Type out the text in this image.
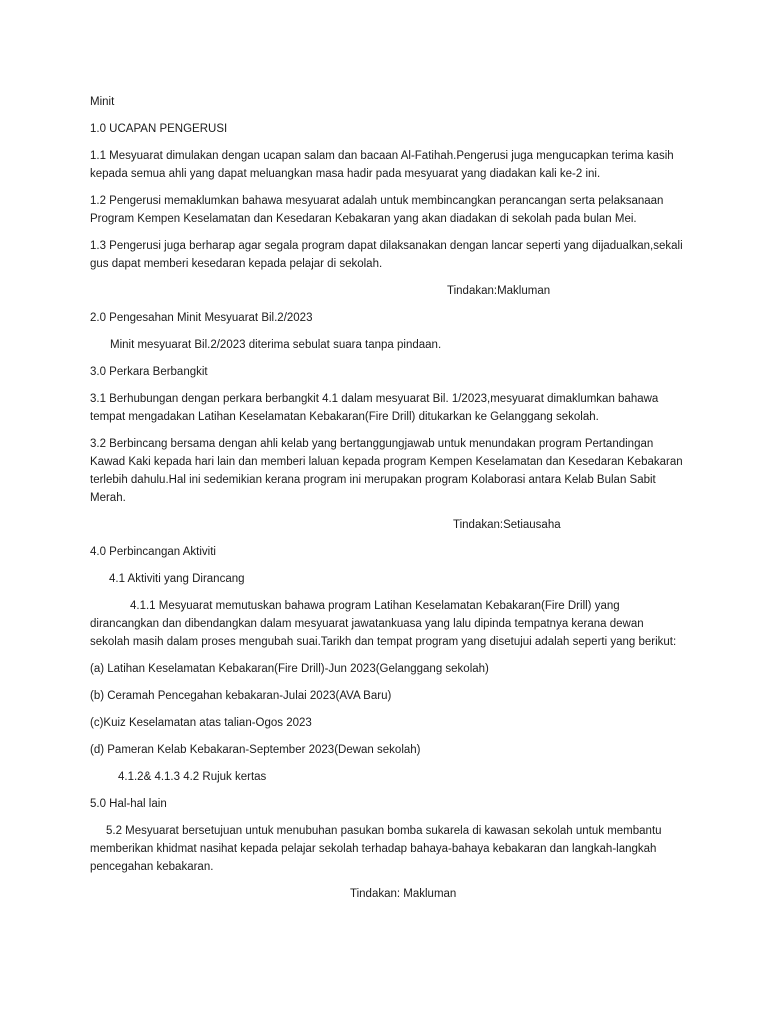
Minit

1.0 UCAPAN PENGERUSI

1.1 Mesyuarat dimulakan dengan ucapan salam dan bacaan Al-Fatihah.Pengerusi juga mengucapkan terima kasih
kepada semua ahli yang dapat meluangkan masa hadir pada mesyuarat yang diadakan kali ke-2 ini.

1.2 Pengerusi memaklumkan bahawa mesyuarat adalah untuk membincangkan perancangan serta pelaksanaan
Program Kempen Keselamatan dan Kesedaran Kebakaran yang akan diadakan di sekolah pada bulan Mei.

1.3 Pengerusi juga berharap agar segala program dapat dilaksanakan dengan lancar seperti yang dijadualkan,sekali
gus dapat memberi kesedaran kepada pelajar di sekolah.

Tindakan:Makluman

2.0 Pengesahan Minit Mesyuarat Bil.2/2023

Minit mesyuarat Bil.2/2023 diterima sebulat suara tanpa pindaan.

3.0 Perkara Berbangkit

3.1 Berhubungan dengan perkara berbangkit 4.1 dalam mesyuarat Bil. 1/2023,mesyuarat dimaklumkan bahawa
tempat mengadakan Latihan Keselamatan Kebakaran(Fire Drill) ditukarkan ke Gelanggang sekolah.

3.2 Berbincang bersama dengan ahli kelab yang bertanggungjawab untuk menundakan program Pertandingan
Kawad Kaki kepada hari lain dan memberi laluan kepada program Kempen Keselamatan dan Kesedaran Kebakaran
terlebih dahulu.Hal ini sedemikian kerana program ini merupakan program Kolaborasi antara Kelab Bulan Sabit
Merah.

Tindakan:Setiausaha

4.0 Perbincangan Aktiviti

4.1 Aktiviti yang Dirancang

4.1.1 Mesyuarat memutuskan bahawa program Latihan Keselamatan Kebakaran(Fire Drill) yang
dirancangkan dan dibendangkan dalam mesyuarat jawatankuasa yang lalu dipinda tempatnya kerana dewan
sekolah masih dalam proses mengubah suai.Tarikh dan tempat program yang disetujui adalah seperti yang berikut:

(a) Latihan Keselamatan Kebakaran(Fire Drill)-Jun 2023(Gelanggang sekolah)

(b) Ceramah Pencegahan kebakaran-Julai 2023(AVA Baru)

(c)Kuiz Keselamatan atas talian-Ogos 2023

(d) Pameran Kelab Kebakaran-September 2023(Dewan sekolah)

4.1.2& 4.1.3 4.2 Rujuk kertas

5.0 Hal-hal lain

5.2 Mesyuarat bersetujuan untuk menubuhan pasukan bomba sukarela di kawasan sekolah untuk membantu
memberikan khidmat nasihat kepada pelajar sekolah terhadap bahaya-bahaya kebakaran dan langkah-langkah
pencegahan kebakaran.

Tindakan: Makluman
